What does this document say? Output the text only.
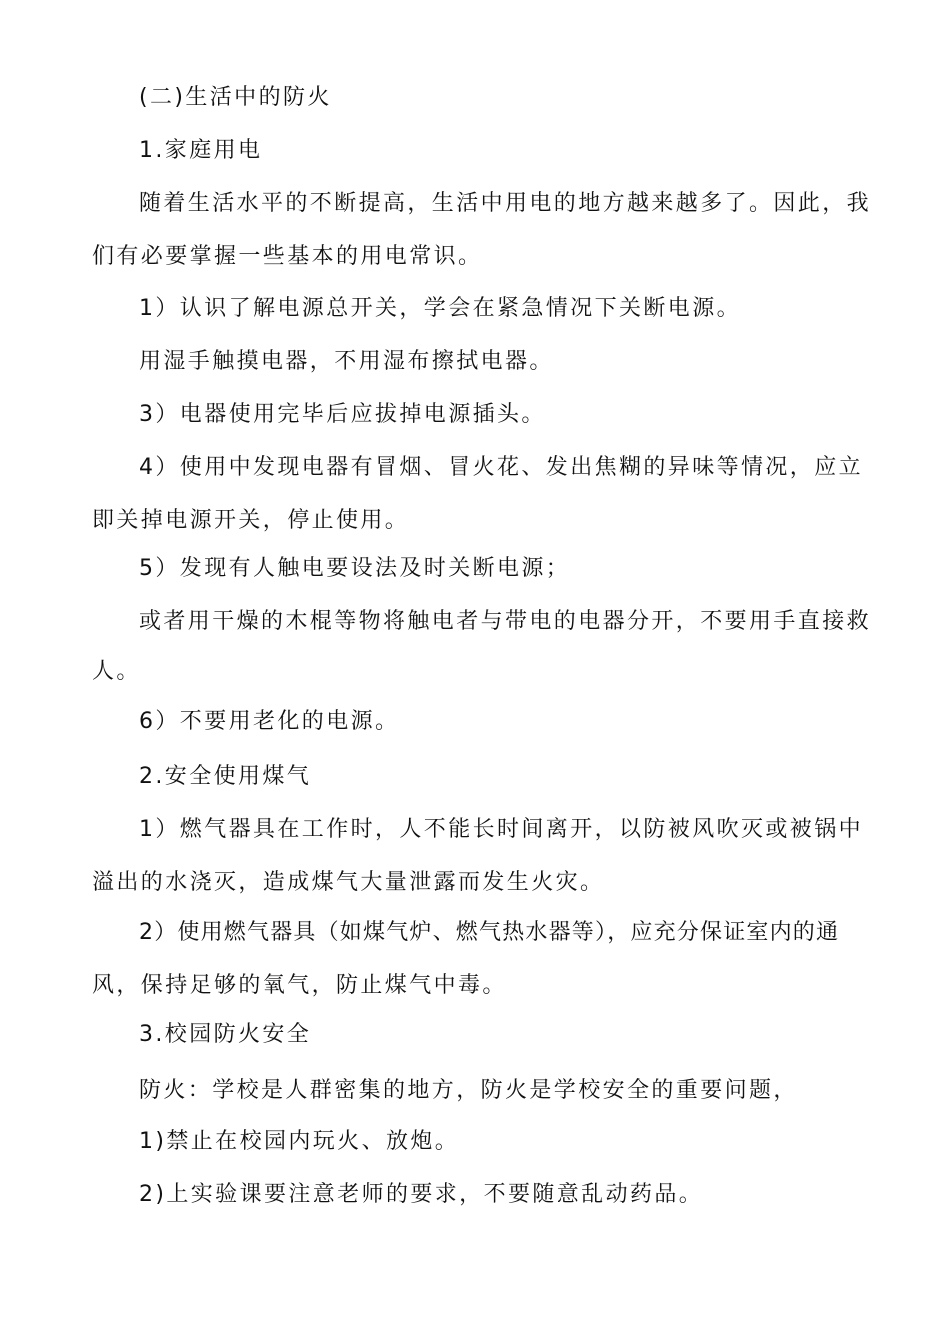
(二)生活中的防火
1.家庭用电
随着生活水平的不断提高，生活中用电的地方越来越多了。因此，我
们有必要掌握一些基本的用电常识。
1）认识了解电源总开关，学会在紧急情况下关断电源。
用湿手触摸电器，不用湿布擦拭电器。
3）电器使用完毕后应拔掉电源插头。
4）使用中发现电器有冒烟、冒火花、发出焦糊的异味等情况，应立
即关掉电源开关，停止使用。
5）发现有人触电要设法及时关断电源；
或者用干燥的木棍等物将触电者与带电的电器分开，不要用手直接救
人。
6）不要用老化的电源。
2.安全使用煤气
1）燃气器具在工作时，人不能长时间离开，以防被风吹灭或被锅中
溢出的水浇灭，造成煤气大量泄露而发生火灾。
2）使用燃气器具（如煤气炉、燃气热水器等），应充分保证室内的通
风，保持足够的氧气，防止煤气中毒。
3.校园防火安全
防火：学校是人群密集的地方，防火是学校安全的重要问题，
1)禁止在校园内玩火、放炮。
2)上实验课要注意老师的要求，不要随意乱动药品。
